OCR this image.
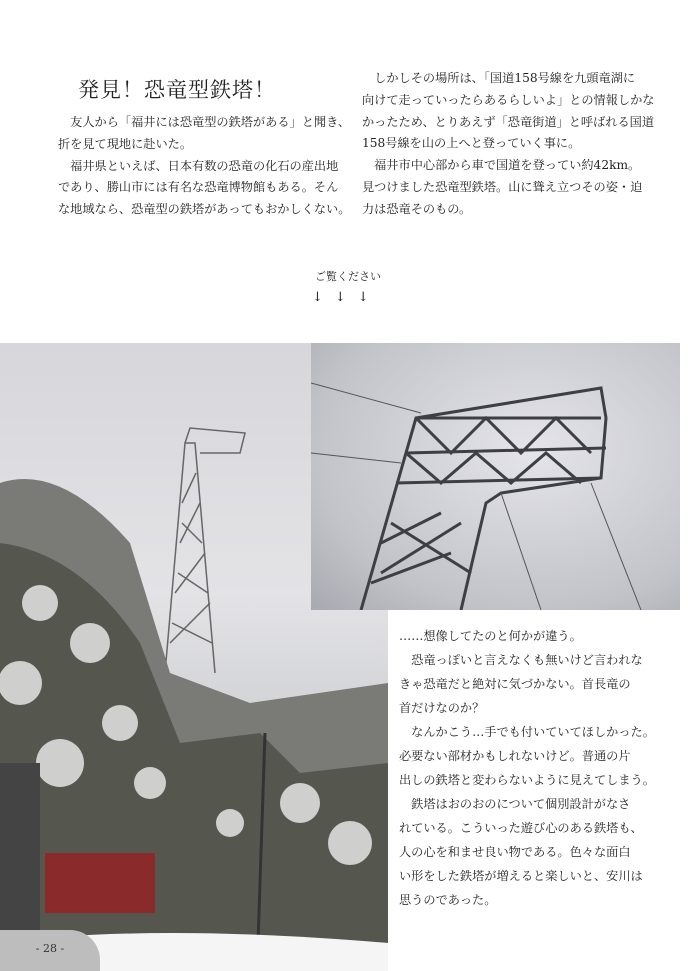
発見！恐竜型鉄塔！
　友人から「福井には恐竜型の鉄塔がある」と聞き、
折を見て現地に赴いた。
　福井県といえば、日本有数の恐竜の化石の産出地
であり、勝山市には有名な恐竜博物館もある。そん
な地域なら、恐竜型の鉄塔があってもおかしくない。
　しかしその場所は、「国道158号線を九頭竜湖に
向けて走っていったらあるらしいよ」との情報しかな
かったため、とりあえず「恐竜街道」と呼ばれる国道
158号線を山の上へと登っていく事に。
　福井市中心部から車で国道を登ってい約42km。
見つけました恐竜型鉄塔。山に聳え立つその姿・迫
力は恐竜そのもの。
ご覧ください
↓↓↓
……想像してたのと何かが違う。
　恐竜っぽいと言えなくも無いけど言われな
きゃ恐竜だと絶対に気づかない。首長竜の
首だけなのか？
　なんかこう…手でも付いていてほしかった。
必要ない部材かもしれないけど。普通の片
出しの鉄塔と変わらないように見えてしまう。
　鉄塔はおのおのについて個別設計がなさ
れている。こういった遊び心のある鉄塔も、
人の心を和ませ良い物である。色々な面白
い形をした鉄塔が増えると楽しいと、安川は
思うのであった。
- 28 -
